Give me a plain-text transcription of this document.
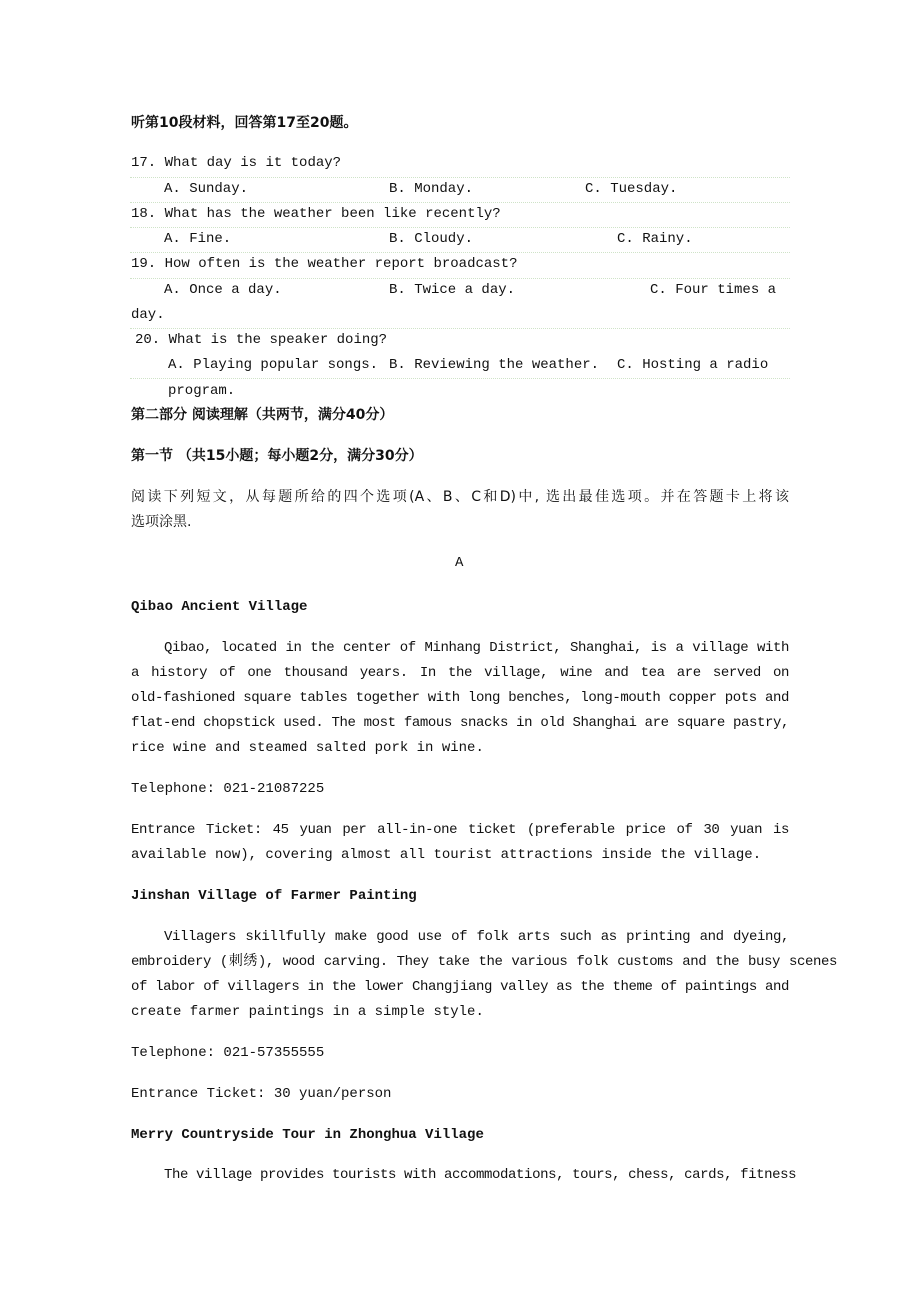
听第10段材料，回答第17至20题。
17. What day is it today?
A. Sunday.	B. Monday.	C. Tuesday.
18. What has the weather been like recently?
A. Fine.	B. Cloudy.	C. Rainy.
19. How often is the weather report broadcast?
A. Once a day.	B. Twice a day.	C. Four times a
day.
20. What is the speaker doing?
A. Playing popular songs. B. Reviewing the weather. C. Hosting a radio
program.
第二部分 阅读理解（共两节，满分40分）
第一节 （共15小题；每小题2分，满分30分）
阅读下列短文，从每题所给的四个选项(A、B、C和D)中, 选出最佳选项。并在答题卡上将该
选项涂黑.
A
Qibao Ancient Village
Qibao, located in the center of Minhang District, Shanghai, is a village with
a history of one thousand years. In the village, wine and tea are served on
old-fashioned square tables together with long benches, long-mouth copper pots and
flat-end chopstick used. The most famous snacks in old Shanghai are square pastry,
rice wine and steamed salted pork in wine.
Telephone: 021-21087225
Entrance Ticket: 45 yuan per all-in-one ticket (preferable price of 30 yuan is
available now), covering almost all tourist attractions inside the village.
Jinshan Village of Farmer Painting
Villagers skillfully make good use of folk arts such as printing and dyeing,
embroidery (刺绣), wood carving. They take the various folk customs and the busy scenes
of labor of villagers in the lower Changjiang valley as the theme of paintings and
create farmer paintings in a simple style.
Telephone: 021-57355555
Entrance Ticket: 30 yuan/person
Merry Countryside Tour in Zhonghua Village
The village provides tourists with accommodations, tours, chess, cards, fitness
